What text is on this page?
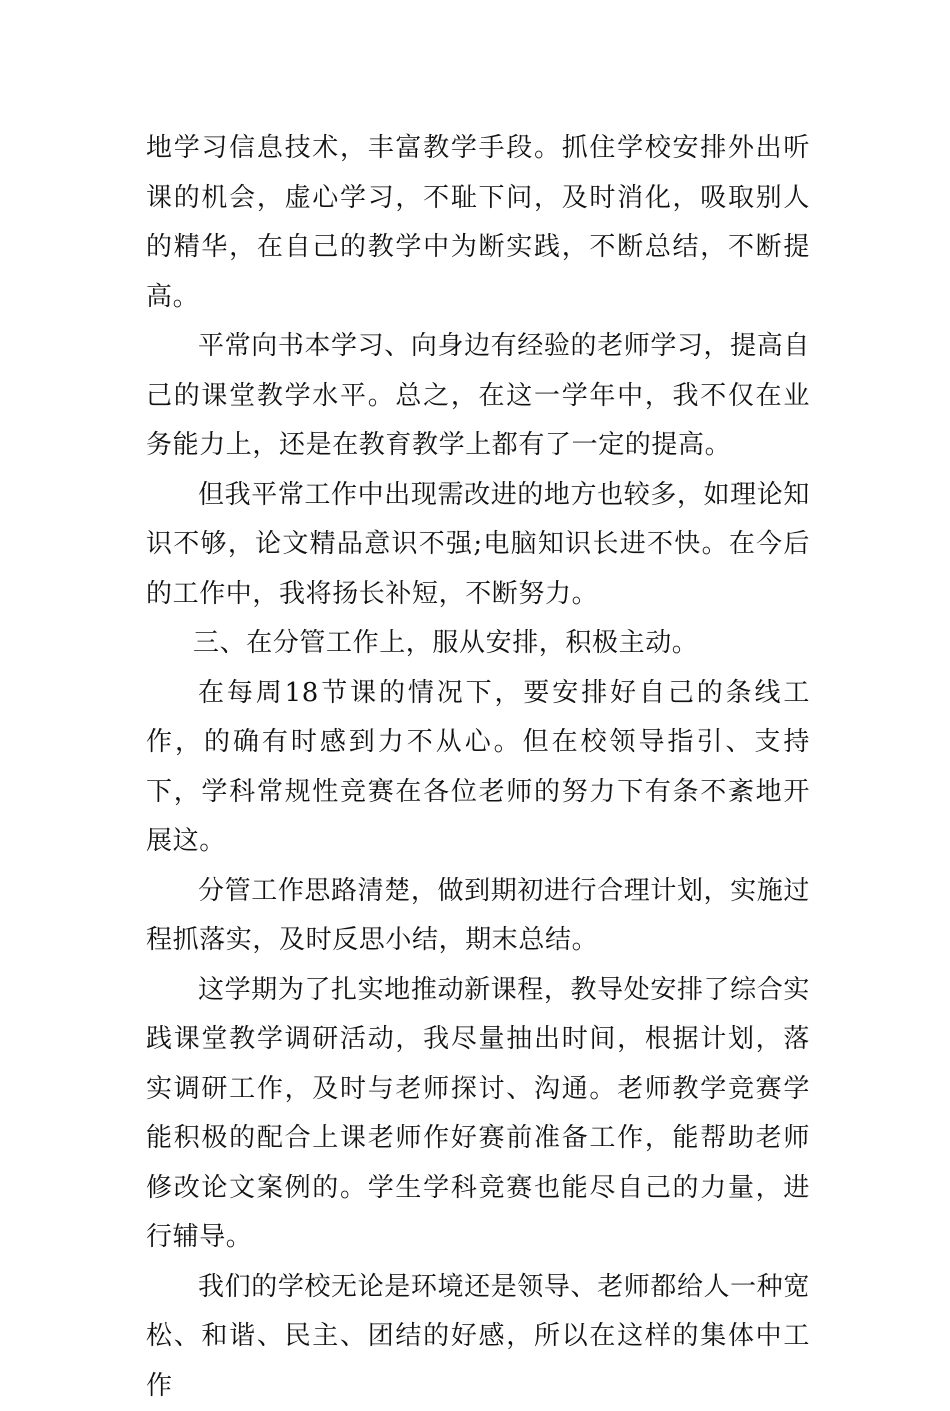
地学习信息技术，丰富教学手段。抓住学校安排外出听课的机会，虚心学习，不耻下问，及时消化，吸取别人的精华，在自己的教学中为断实践，不断总结，不断提高。

平常向书本学习、向身边有经验的老师学习，提高自己的课堂教学水平。总之，在这一学年中，我不仅在业务能力上，还是在教育教学上都有了一定的提高。

但我平常工作中出现需改进的地方也较多，如理论知识不够，论文精品意识不强;电脑知识长进不快。在今后的工作中，我将扬长补短，不断努力。

三、在分管工作上，服从安排，积极主动。

在每周18节课的情况下，要安排好自己的条线工作，的确有时感到力不从心。但在校领导指引、支持下，学科常规性竞赛在各位老师的努力下有条不紊地开展这。

分管工作思路清楚，做到期初进行合理计划，实施过程抓落实，及时反思小结，期末总结。

这学期为了扎实地推动新课程，教导处安排了综合实践课堂教学调研活动，我尽量抽出时间，根据计划，落实调研工作，及时与老师探讨、沟通。老师教学竞赛学能积极的配合上课老师作好赛前准备工作，能帮助老师修改论文案例的。学生学科竞赛也能尽自己的力量，进行辅导。

我们的学校无论是环境还是领导、老师都给人一种宽松、和谐、民主、团结的好感，所以在这样的集体中工作
